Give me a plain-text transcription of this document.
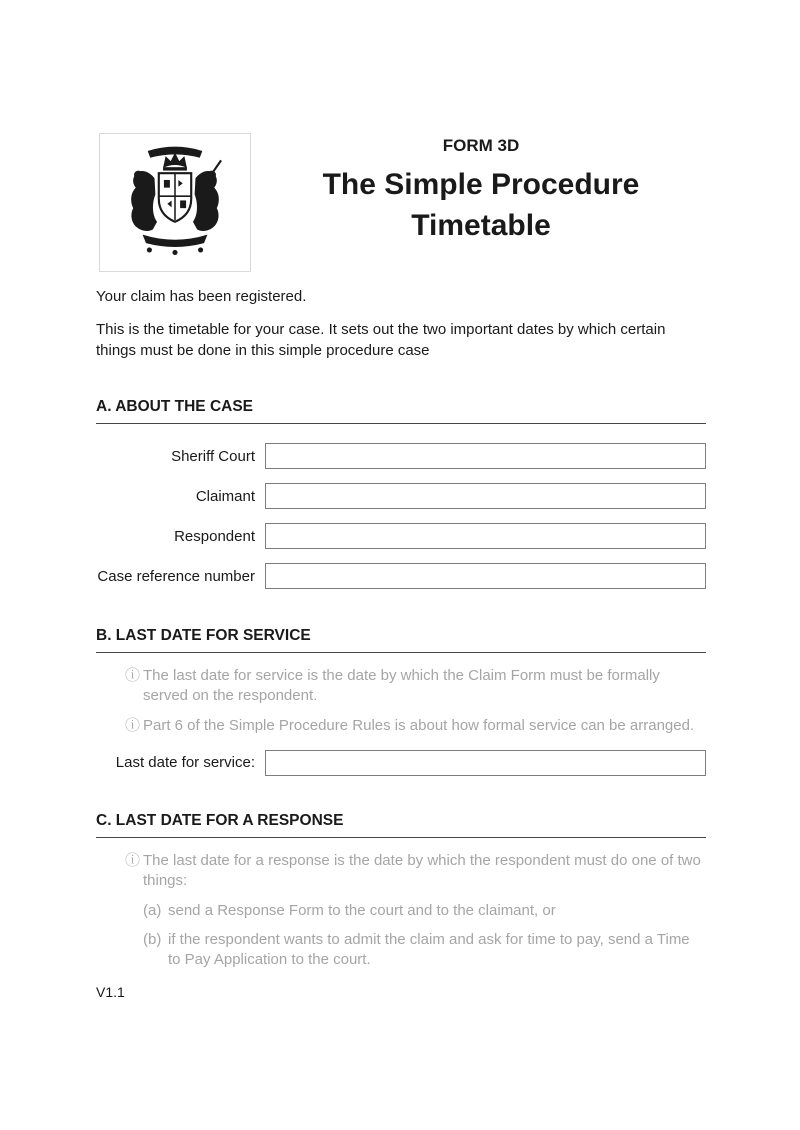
FORM 3D
The Simple Procedure
Timetable

Your claim has been registered.

This is the timetable for your case. It sets out the two important dates by which certain things must be done in this simple procedure case

A. ABOUT THE CASE
Sheriff Court
Claimant
Respondent
Case reference number
B. LAST DATE FOR SERVICE
ⓘ The last date for service is the date by which the Claim Form must be formally served on the respondent.
ⓘ Part 6 of the Simple Procedure Rules is about how formal service can be arranged.
Last date for service:
C. LAST DATE FOR A RESPONSE
ⓘ The last date for a response is the date by which the respondent must do one of two things:
(a) send a Response Form to the court and to the claimant, or
(b) if the respondent wants to admit the claim and ask for time to pay, send a Time to Pay Application to the court.
V1.1
